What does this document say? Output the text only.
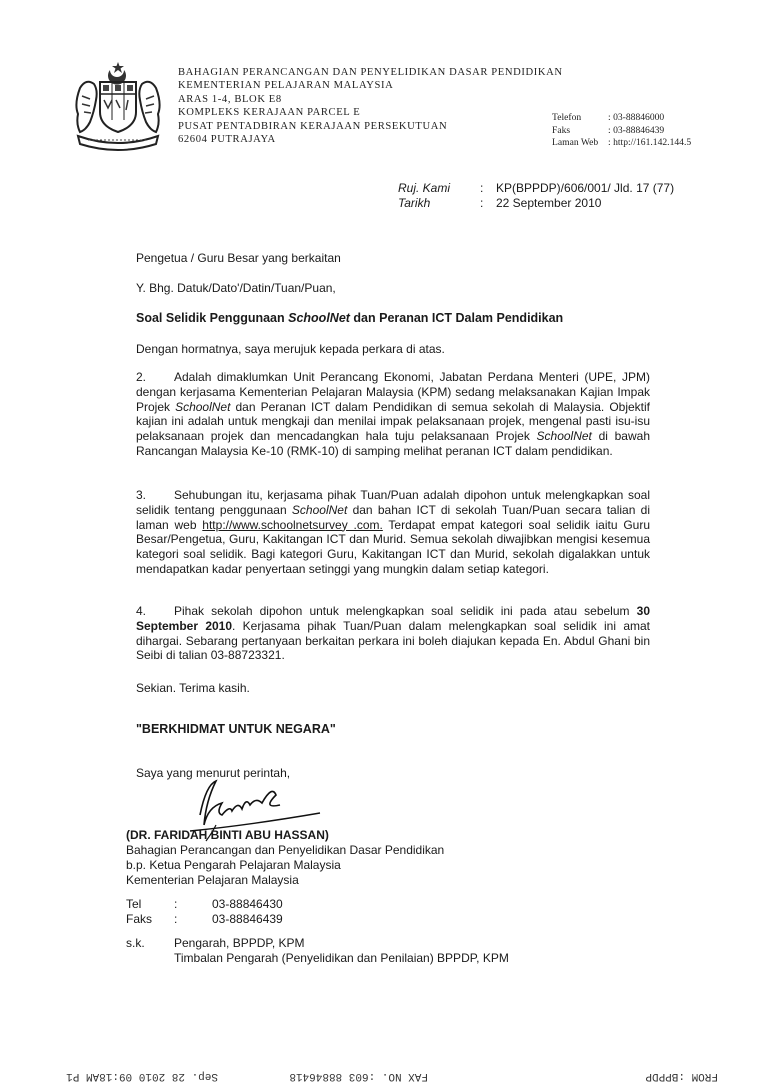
BAHAGIAN PERANCANGAN DAN PENYELIDIKAN DASAR PENDIDIKAN
KEMENTERIAN PELAJARAN MALAYSIA
ARAS 1-4, BLOK E8
KOMPLEKS KERAJAAN PARCEL E
PUSAT PENTADBIRAN KERAJAAN PERSEKUTUAN
62604 PUTRAJAYA
Telefon	: 03-88846000
Faks	: 03-88846439
Laman Web	: http://161.142.144.5
Ruj. Kami	:	KP(BPPDP)/606/001/ Jld. 17 (77)
Tarikh	:	22 September 2010
Pengetua / Guru Besar yang berkaitan
Y. Bhg. Datuk/Dato'/Datin/Tuan/Puan,
Soal Selidik Penggunaan SchoolNet dan Peranan ICT Dalam Pendidikan
Dengan hormatnya, saya merujuk kepada perkara di atas.
2. Adalah dimaklumkan Unit Perancang Ekonomi, Jabatan Perdana Menteri (UPE, JPM) dengan kerjasama Kementerian Pelajaran Malaysia (KPM) sedang melaksanakan Kajian Impak Projek SchoolNet dan Peranan ICT dalam Pendidikan di semua sekolah di Malaysia. Objektif kajian ini adalah untuk mengkaji dan menilai impak pelaksanaan projek, mengenal pasti isu-isu pelaksanaan projek dan mencadangkan hala tuju pelaksanaan Projek SchoolNet di bawah Rancangan Malaysia Ke-10 (RMK-10) di samping melihat peranan ICT dalam pendidikan.
3. Sehubungan itu, kerjasama pihak Tuan/Puan adalah dipohon untuk melengkapkan soal selidik tentang penggunaan SchoolNet dan bahan ICT di sekolah Tuan/Puan secara talian di laman web http://www.schoolnetsurvey .com. Terdapat empat kategori soal selidik iaitu Guru Besar/Pengetua, Guru, Kakitangan ICT dan Murid. Semua sekolah diwajibkan mengisi kesemua kategori soal selidik. Bagi kategori Guru, Kakitangan ICT dan Murid, sekolah digalakkan untuk mendapatkan kadar penyertaan setinggi yang mungkin dalam setiap kategori.
4. Pihak sekolah dipohon untuk melengkapkan soal selidik ini pada atau sebelum 30 September 2010. Kerjasama pihak Tuan/Puan dalam melengkapkan soal selidik ini amat dihargai. Sebarang pertanyaan berkaitan perkara ini boleh diajukan kepada En. Abdul Ghani bin Seibi di talian 03-88723321.
Sekian. Terima kasih.
"BERKHIDMAT UNTUK NEGARA"
Saya yang menurut perintah,
(DR. FARIDAH BINTI ABU HASSAN)
Bahagian Perancangan dan Penyelidikan Dasar Pendidikan
b.p. Ketua Pengarah Pelajaran Malaysia
Kementerian Pelajaran Malaysia
Tel	:	03-88846430
Faks	:	03-88846439
s.k.	Pengarah, BPPDP, KPM
Timbalan Pengarah (Penyelidikan dan Penilaian) BPPDP, KPM
FROM :BPPDP
FAX NO. :603 88846418
Sep. 28 2010 09:18AM P1
